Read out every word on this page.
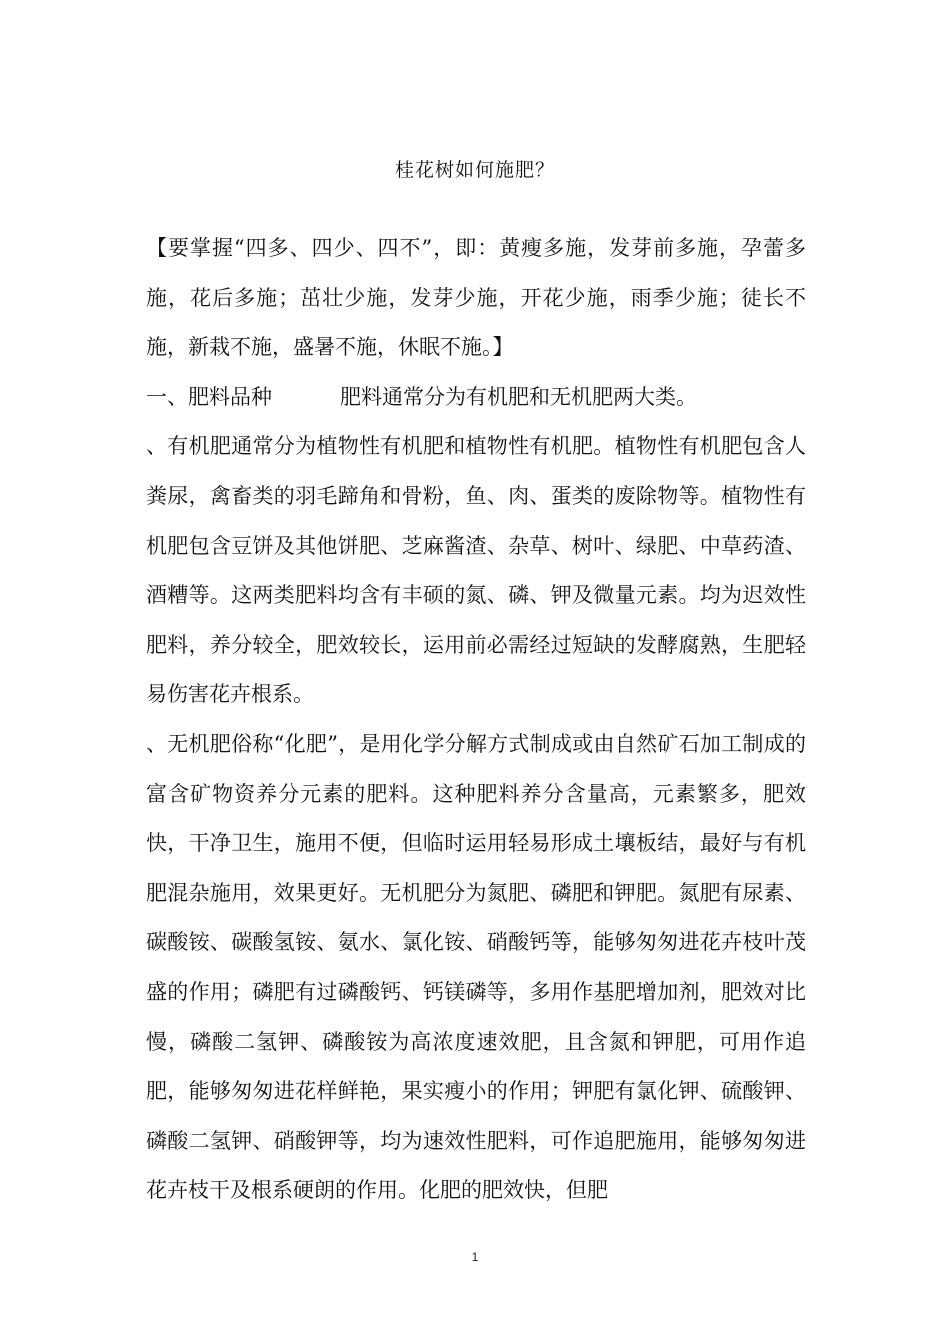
桂花树如何施肥？

【要掌握“四多、四少、四不”，即：黄瘦多施，发芽前多施，孕蕾多施，花后多施；茁壮少施，发芽少施，开花少施，雨季少施；徒长不施，新栽不施，盛暑不施，休眠不施。】

一、肥料品种	肥料通常分为有机肥和无机肥两大类。

、有机肥通常分为植物性有机肥和植物性有机肥。植物性有机肥包含人粪尿，禽畜类的羽毛蹄角和骨粉，鱼、肉、蛋类的废除物等。植物性有机肥包含豆饼及其他饼肥、芝麻酱渣、杂草、树叶、绿肥、中草药渣、酒糟等。这两类肥料均含有丰硕的氮、磷、钾及微量元素。均为迟效性肥料，养分较全，肥效较长，运用前必需经过短缺的发酵腐熟，生肥轻易伤害花卉根系。

、无机肥俗称“化肥”，是用化学分解方式制成或由自然矿石加工制成的富含矿物资养分元素的肥料。这种肥料养分含量高，元素繁多，肥效快，干净卫生，施用不便，但临时运用轻易形成土壤板结，最好与有机肥混杂施用，效果更好。无机肥分为氮肥、磷肥和钾肥。氮肥有尿素、碳酸铵、碳酸氢铵、氨水、氯化铵、硝酸钙等，能够匆匆进花卉枝叶茂盛的作用；磷肥有过磷酸钙、钙镁磷等，多用作基肥增加剂，肥效对比慢，磷酸二氢钾、磷酸铵为高浓度速效肥，且含氮和钾肥，可用作追肥，能够匆匆进花样鲜艳，果实瘦小的作用；钾肥有氯化钾、硫酸钾、磷酸二氢钾、硝酸钾等，均为速效性肥料，可作追肥施用，能够匆匆进花卉枝干及根系硬朗的作用。化肥的肥效快，但肥

1
